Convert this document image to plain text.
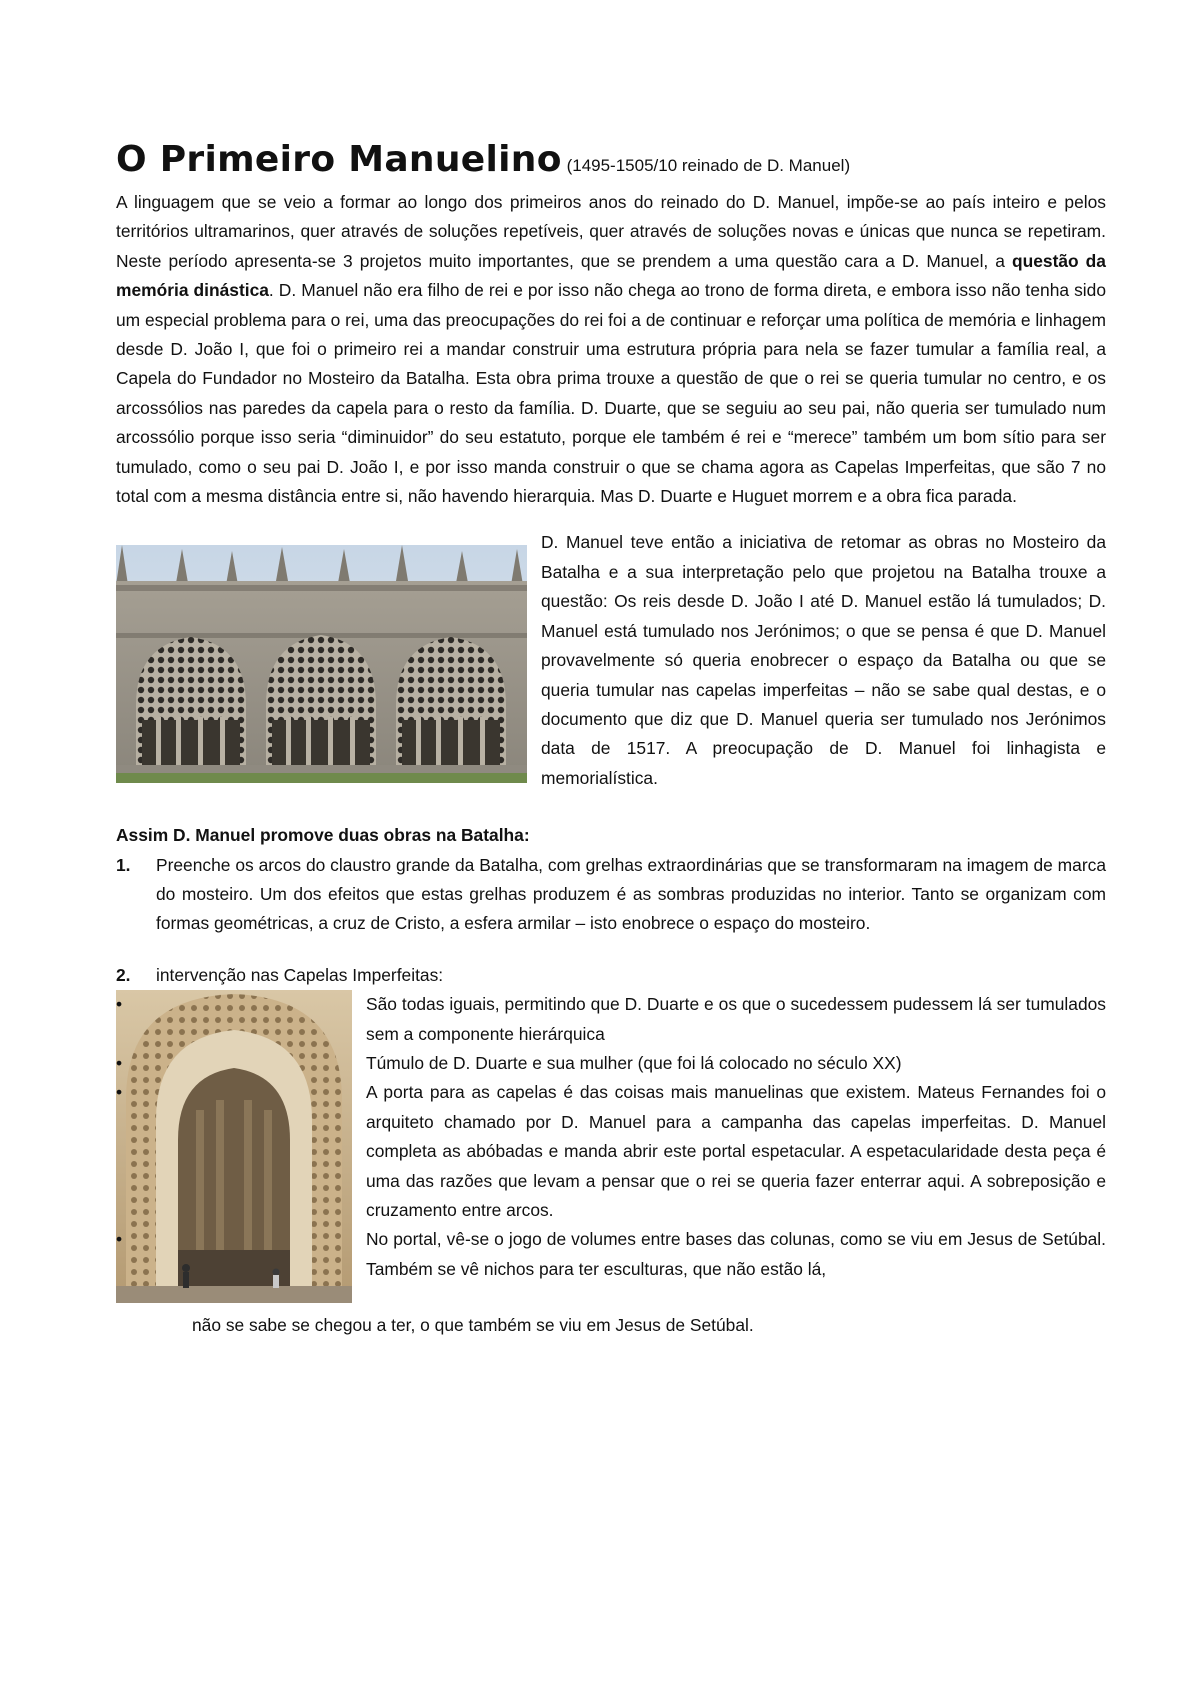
O Primeiro Manuelino (1495-1505/10 reinado de D. Manuel)

A linguagem que se veio a formar ao longo dos primeiros anos do reinado do D. Manuel, impõe-se ao país inteiro e pelos territórios ultramarinos, quer através de soluções repetíveis, quer através de soluções novas e únicas que nunca se repetiram. Neste período apresenta-se 3 projetos muito importantes, que se prendem a uma questão cara a D. Manuel, a questão da memória dinástica. D. Manuel não era filho de rei e por isso não chega ao trono de forma direta, e embora isso não tenha sido um especial problema para o rei, uma das preocupações do rei foi a de continuar e reforçar uma política de memória e linhagem desde D. João I, que foi o primeiro rei a mandar construir uma estrutura própria para nela se fazer tumular a família real, a Capela do Fundador no Mosteiro da Batalha. Esta obra prima trouxe a questão de que o rei se queria tumular no centro, e os arcossólios nas paredes da capela para o resto da família. D. Duarte, que se seguiu ao seu pai, não queria ser tumulado num arcossólio porque isso seria “diminuidor” do seu estatuto, porque ele também é rei e “merece” também um bom sítio para ser tumulado, como o seu pai D. João I, e por isso manda construir o que se chama agora as Capelas Imperfeitas, que são 7 no total com a mesma distância entre si, não havendo hierarquia. Mas D. Duarte e Huguet morrem e a obra fica parada.

D. Manuel teve então a iniciativa de retomar as obras no Mosteiro da Batalha e a sua interpretação pelo que projetou na Batalha trouxe a questão: Os reis desde D. João I até D. Manuel estão lá tumulados; D. Manuel está tumulado nos Jerónimos; o que se pensa é que D. Manuel provavelmente só queria enobrecer o espaço da Batalha ou que se queria tumular nas capelas imperfeitas – não se sabe qual destas, e o documento que diz que D. Manuel queria ser tumulado nos Jerónimos data de 1517. A preocupação de D. Manuel foi linhagista e memorialística.

Assim D. Manuel promove duas obras na Batalha:
1. Preenche os arcos do claustro grande da Batalha, com grelhas extraordinárias que se transformaram na imagem de marca do mosteiro. Um dos efeitos que estas grelhas produzem é as sombras produzidas no interior. Tanto se organizam com formas geométricas, a cruz de Cristo, a esfera armilar – isto enobrece o espaço do mosteiro.
2. intervenção nas Capelas Imperfeitas:
•	São todas iguais, permitindo que D. Duarte e os que o sucedessem pudessem lá ser tumulados sem a componente hierárquica
•	Túmulo de D. Duarte e sua mulher (que foi lá colocado no século XX)
•	A porta para as capelas é das coisas mais manuelinas que existem. Mateus Fernandes foi o arquiteto chamado por D. Manuel para a campanha das capelas imperfeitas. D. Manuel completa as abóbadas e manda abrir este portal espetacular. A espetacularidade desta peça é uma das razões que levam a pensar que o rei se queria fazer enterrar aqui. A sobreposição e cruzamento entre arcos.
•	No portal, vê-se o jogo de volumes entre bases das colunas, como se viu em Jesus de Setúbal. Também se vê nichos para ter esculturas, que não estão lá,
não se sabe se chegou a ter, o que também se viu em Jesus de Setúbal.
